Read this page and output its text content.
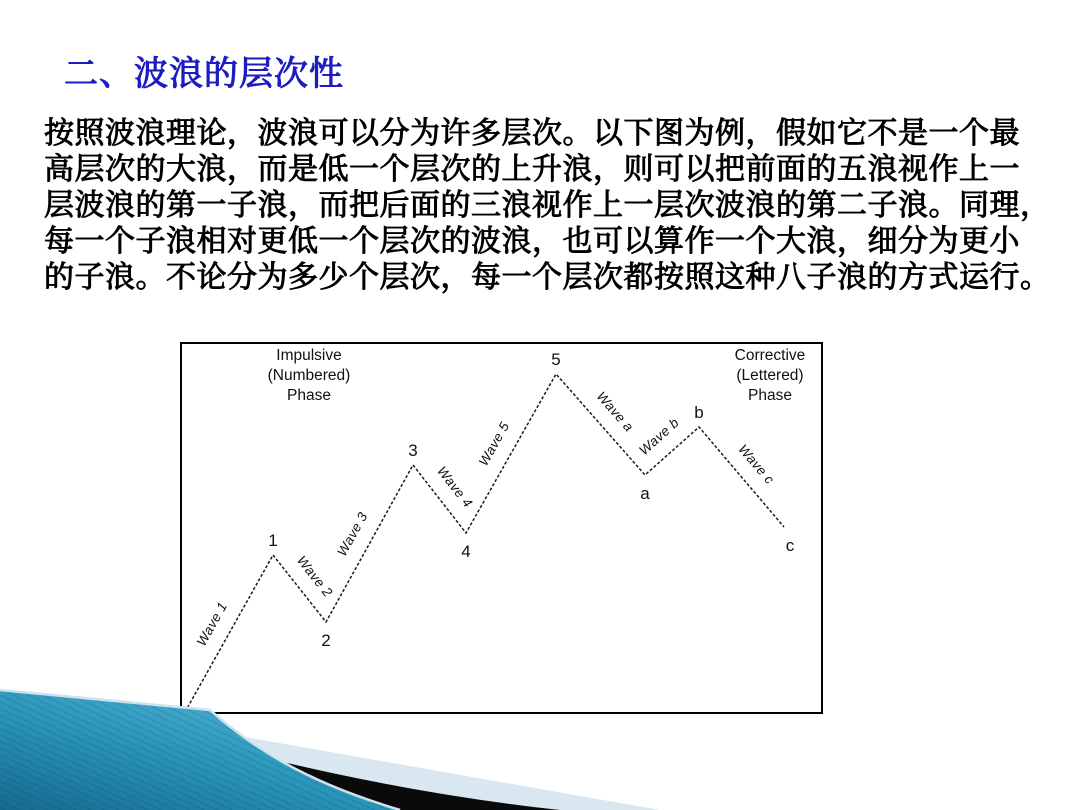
二、波浪的层次性
按照波浪理论，波浪可以分为许多层次。以下图为例，假如它不是一个最
高层次的大浪，而是低一个层次的上升浪，则可以把前面的五浪视作上一
层波浪的第一子浪，而把后面的三浪视作上一层次波浪的第二子浪。同理，
每一个子浪相对更低一个层次的波浪，也可以算作一个大浪，细分为更小
的子浪。不论分为多少个层次，每一个层次都按照这种八子浪的方式运行。
Impulsive
(Numbered)
Phase
Corrective
(Lettered)
Phase
1
2
3
4
5
a
b
c
Wave 1
Wave 2
Wave 3
Wave 4
Wave 5
Wave a
Wave b
Wave c
